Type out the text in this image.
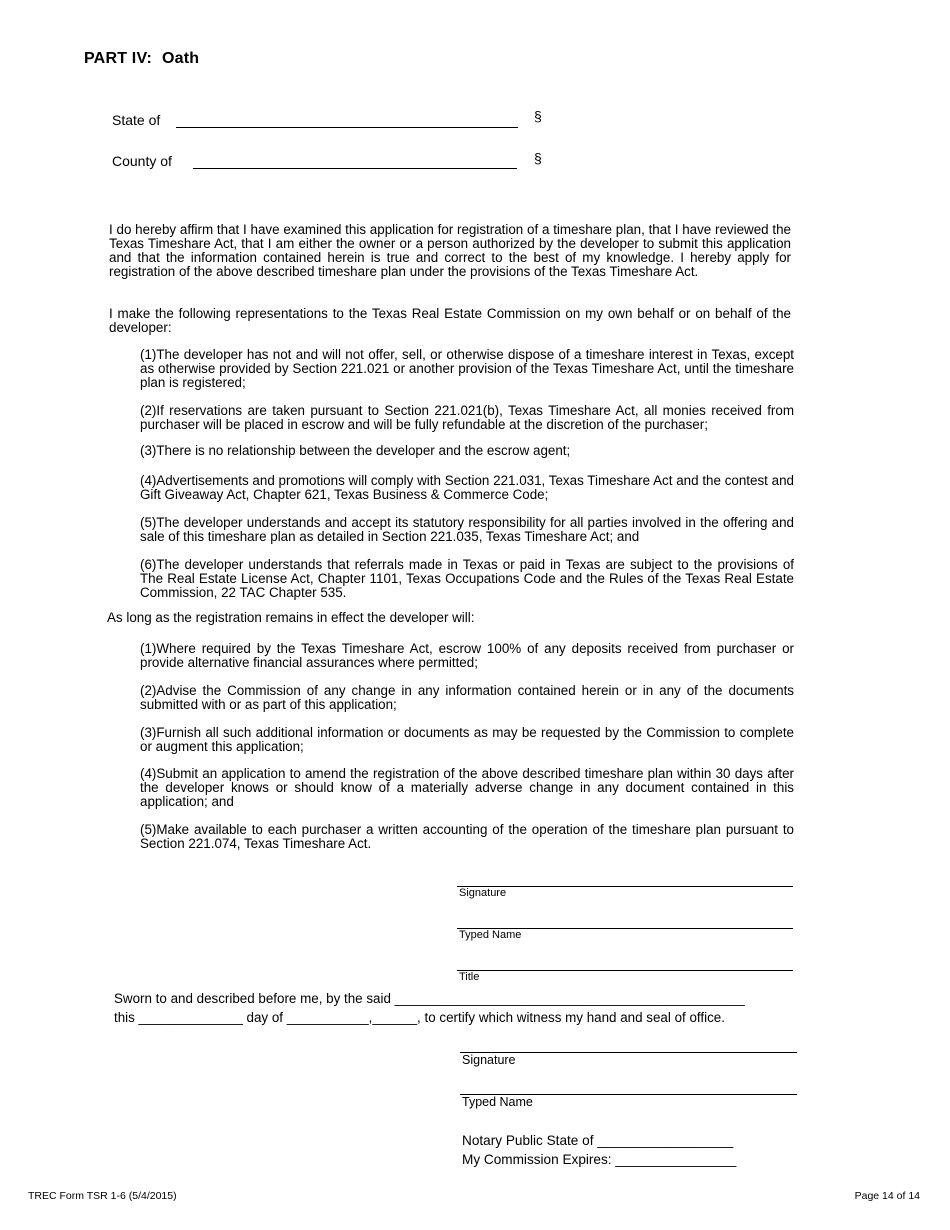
PART IV: Oath
State of	§
County of	§
I do hereby affirm that I have examined this application for registration of a timeshare plan, that I have reviewed the Texas Timeshare Act, that I am either the owner or a person authorized by the developer to submit this application and that the information contained herein is true and correct to the best of my knowledge. I hereby apply for registration of the above described timeshare plan under the provisions of the Texas Timeshare Act.
I make the following representations to the Texas Real Estate Commission on my own behalf or on behalf of the developer:
(1)The developer has not and will not offer, sell, or otherwise dispose of a timeshare interest in Texas, except as otherwise provided by Section 221.021 or another provision of the Texas Timeshare Act, until the timeshare plan is registered;
(2)If reservations are taken pursuant to Section 221.021(b), Texas Timeshare Act, all monies received from purchaser will be placed in escrow and will be fully refundable at the discretion of the purchaser;
(3)There is no relationship between the developer and the escrow agent;
(4)Advertisements and promotions will comply with Section 221.031, Texas Timeshare Act and the contest and Gift Giveaway Act, Chapter 621, Texas Business & Commerce Code;
(5)The developer understands and accept its statutory responsibility for all parties involved in the offering and sale of this timeshare plan as detailed in Section 221.035, Texas Timeshare Act; and
(6)The developer understands that referrals made in Texas or paid in Texas are subject to the provisions of The Real Estate License Act, Chapter 1101, Texas Occupations Code and the Rules of the Texas Real Estate Commission, 22 TAC Chapter 535.
As long as the registration remains in effect the developer will:
(1)Where required by the Texas Timeshare Act, escrow 100% of any deposits received from purchaser or provide alternative financial assurances where permitted;
(2)Advise the Commission of any change in any information contained herein or in any of the documents submitted with or as part of this application;
(3)Furnish all such additional information or documents as may be requested by the Commission to complete or augment this application;
(4)Submit an application to amend the registration of the above described timeshare plan within 30 days after the developer knows or should know of a materially adverse change in any document contained in this application; and
(5)Make available to each purchaser a written accounting of the operation of the timeshare plan pursuant to Section 221.074, Texas Timeshare Act.
Signature
Typed Name
Title
Sworn to and described before me, by the said _______________________________________________
this ______________ day of ___________,______, to certify which witness my hand and seal of office.
Signature
Typed Name
Notary Public State of __________________
My Commission Expires: ________________
TREC Form TSR 1-6 (5/4/2015)	Page 14 of 14
